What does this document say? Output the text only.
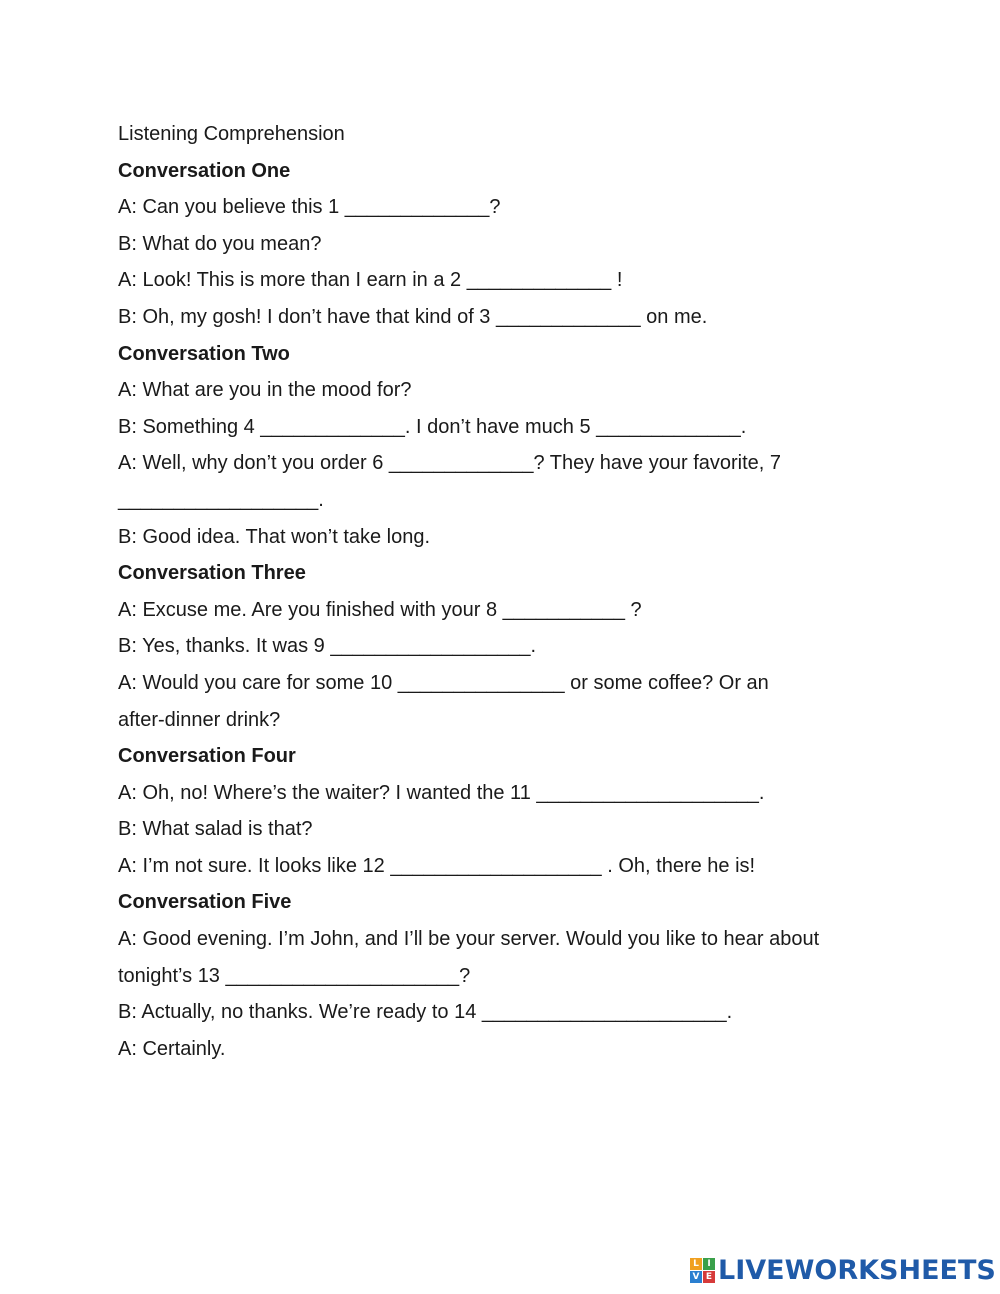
Listening Comprehension
Conversation One
A: Can you believe this 1 _____________?
B: What do you mean?
A: Look! This is more than I earn in a 2 _____________ !
B: Oh, my gosh! I don’t have that kind of 3 _____________ on me.
Conversation Two
A: What are you in the mood for?
B: Something 4 _____________. I don’t have much 5 _____________.
A: Well, why don’t you order 6 _____________? They have your favorite, 7
__________________.
B: Good idea. That won’t take long.
Conversation Three
A: Excuse me. Are you finished with your 8 ___________ ?
B: Yes, thanks. It was 9 __________________.
A: Would you care for some 10 _______________ or some coffee? Or an
after-dinner drink?
Conversation Four
A: Oh, no! Where’s the waiter? I wanted the 11 ____________________.
B: What salad is that?
A: I’m not sure. It looks like 12 ___________________ . Oh, there he is!
Conversation Five
A: Good evening. I’m John, and I’ll be your server. Would you like to hear about
tonight’s 13 _____________________?
B: Actually, no thanks. We’re ready to 14 ______________________.
A: Certainly.
L I
V E LIVEWORKSHEETS
